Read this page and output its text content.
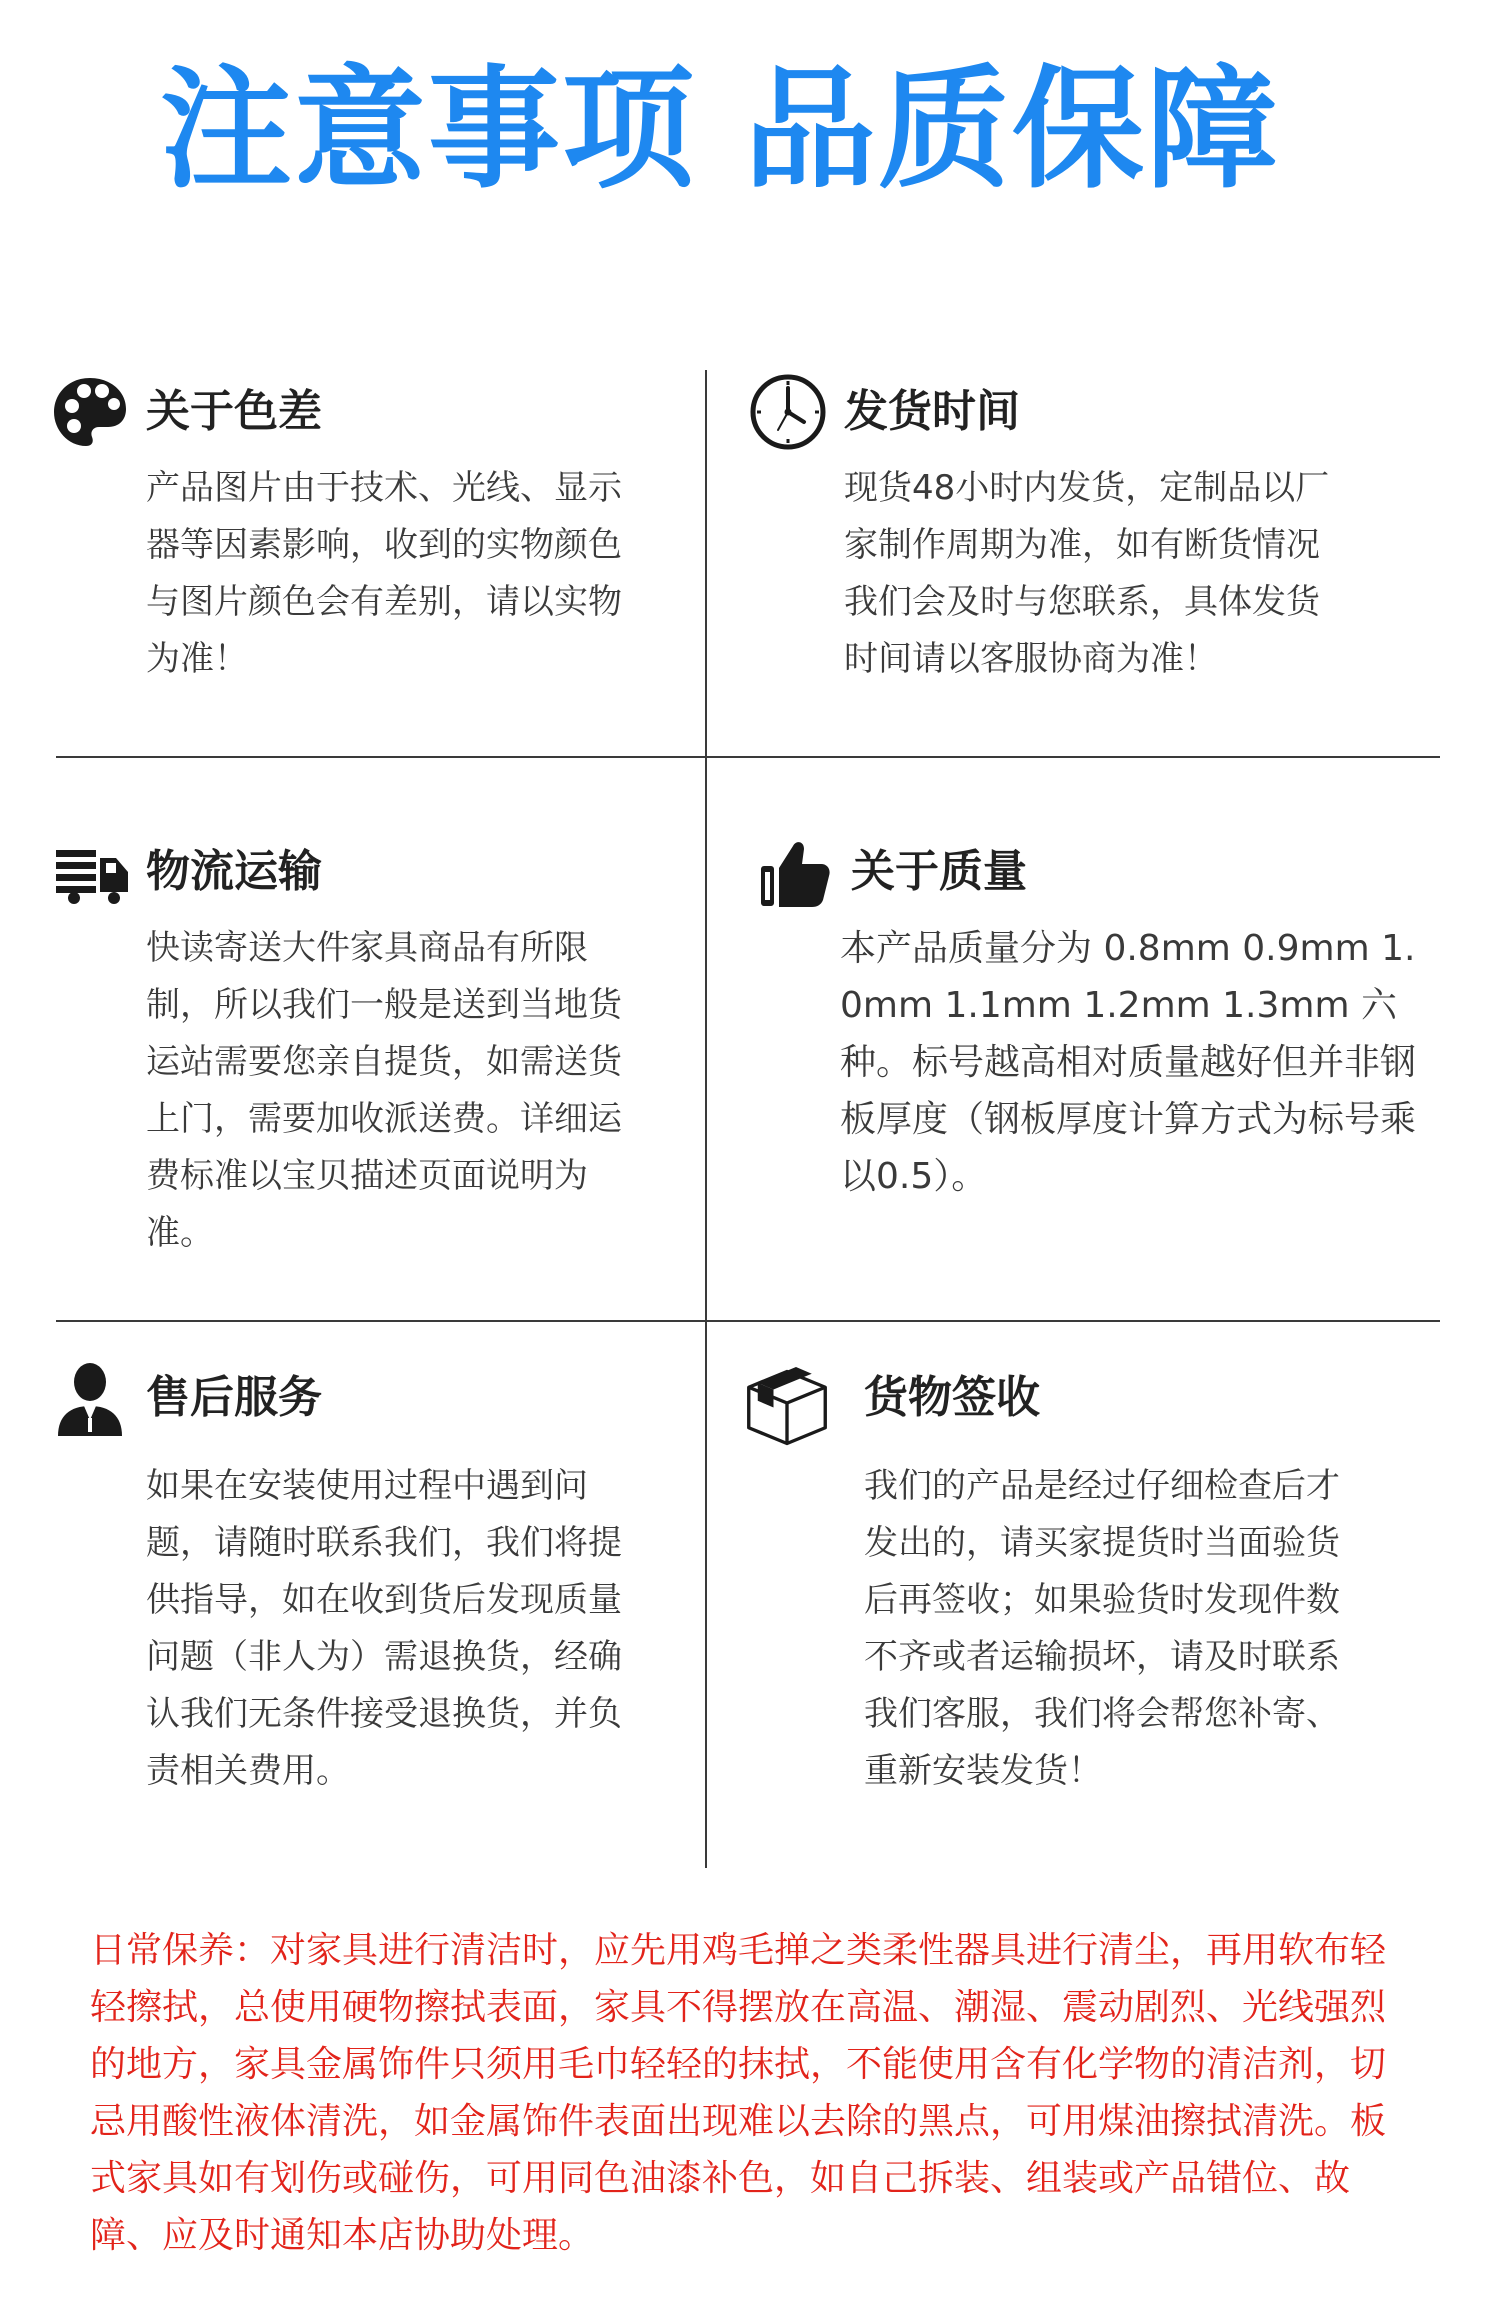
注意事项 品质保障
关于色差

产品图片由于技术、光线、显示器等因素影响，收到的实物颜色与图片颜色会有差别，请以实物为准！

发货时间

现货48小时内发货，定制品以厂家制作周期为准，如有断货情况我们会及时与您联系，具体发货时间请以客服协商为准！

物流运输

快读寄送大件家具商品有所限制，所以我们一般是送到当地货运站需要您亲自提货，如需送货上门，需要加收派送费。详细运费标准以宝贝描述页面说明为准。

关于质量

本产品质量分为 0.8mm 0.9mm 1.0mm 1.1mm 1.2mm 1.3mm 六种。标号越高相对质量越好但并非钢板厚度（钢板厚度计算方式为标号乘以0.5）。

售后服务

如果在安装使用过程中遇到问题，请随时联系我们，我们将提供指导，如在收到货后发现质量问题（非人为）需退换货，经确认我们无条件接受退换货，并负责相关费用。

货物签收

我们的产品是经过仔细检查后才发出的，请买家提货时当面验货后再签收；如果验货时发现件数不齐或者运输损坏，请及时联系我们客服，我们将会帮您补寄、重新安装发货！

日常保养：对家具进行清洁时，应先用鸡毛掸之类柔性器具进行清尘，再用软布轻轻擦拭，总使用硬物擦拭表面，家具不得摆放在高温、潮湿、震动剧烈、光线强烈的地方，家具金属饰件只须用毛巾轻轻的抹拭，不能使用含有化学物的清洁剂，切忌用酸性液体清洗，如金属饰件表面出现难以去除的黑点，可用煤油擦拭清洗。板式家具如有划伤或碰伤，可用同色油漆补色，如自己拆装、组装或产品错位、故障、应及时通知本店协助处理。
